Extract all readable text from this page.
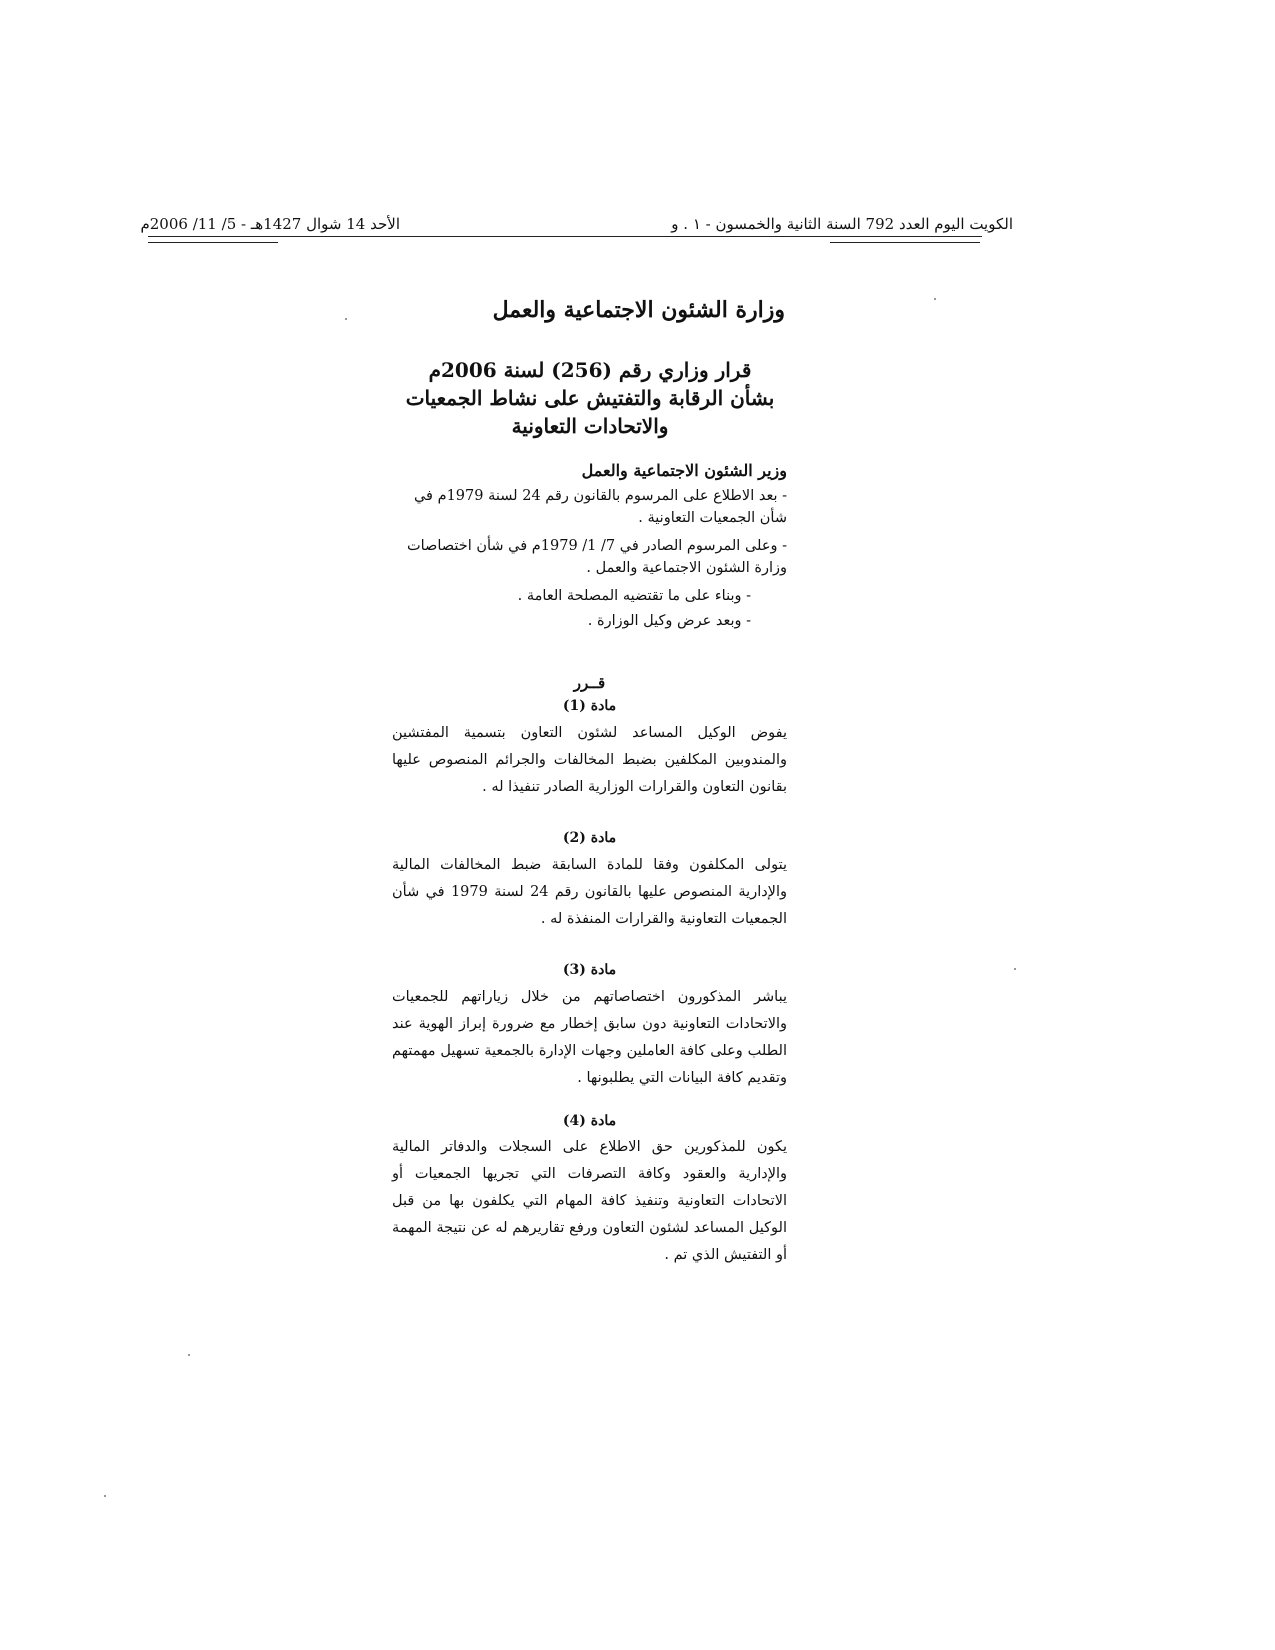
الكويت اليوم العدد 792 السنة الثانية والخمسون - ١ . و
الأحد 14 شوال 1427هـ - 5/ 11/ 2006م
وزارة الشئون الاجتماعية والعمل
قرار وزاري رقم (256) لسنة 2006م
بشأن الرقابة والتفتيش على نشاط الجمعيات
والاتحادات التعاونية
وزير الشئون الاجتماعية والعمل

- بعد الاطلاع على المرسوم بالقانون رقم 24 لسنة 1979م في شأن الجمعيات التعاونية .

- وعلى المرسوم الصادر في 7/ 1/ 1979م في شأن اختصاصات وزارة الشئون الاجتماعية والعمل .

- وبناء على ما تقتضيه المصلحة العامة .

- وبعد عرض وكيل الوزارة .

قــرر
مادة (1)
يفوض الوكيل المساعد لشئون التعاون بتسمية المفتشين والمندوبين المكلفين بضبط المخالفات والجرائم المنصوص عليها بقانون التعاون والقرارات الوزارية الصادر تنفيذا له .
مادة (2)
يتولى المكلفون وفقا للمادة السابقة ضبط المخالفات المالية والإدارية المنصوص عليها بالقانون رقم 24 لسنة 1979 في شأن الجمعيات التعاونية والقرارات المنفذة له .
مادة (3)
يباشر المذكورون اختصاصاتهم من خلال زياراتهم للجمعيات والاتحادات التعاونية دون سابق إخطار مع ضرورة إبراز الهوية عند الطلب وعلى كافة العاملين وجهات الإدارة بالجمعية تسهيل مهمتهم وتقديم كافة البيانات التي يطلبونها .
مادة (4)
يكون للمذكورين حق الاطلاع على السجلات والدفاتر المالية والإدارية والعقود وكافة التصرفات التي تجريها الجمعيات أو الاتحادات التعاونية وتنفيذ كافة المهام التي يكلفون بها من قبل الوكيل المساعد لشئون التعاون ورفع تقاريرهم له عن نتيجة المهمة أو التفتيش الذي تم .
